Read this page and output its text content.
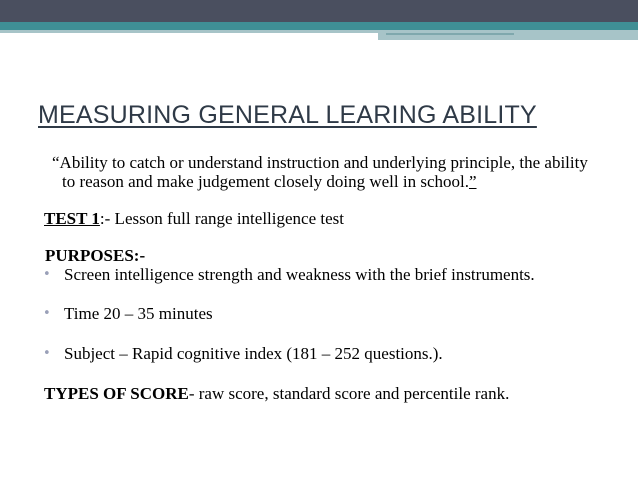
MEASURING GENERAL LEARING ABILITY

“Ability to catch or understand instruction and underlying principle, the ability to reason and make judgement closely doing well in school.”

TEST 1:- Lesson full range intelligence test

PURPOSES:-

• Screen intelligence strength and weakness with the brief instruments.
• Time 20 – 35 minutes
• Subject – Rapid cognitive index (181 – 252 questions.).

TYPES OF SCORE- raw score, standard score and percentile rank.
